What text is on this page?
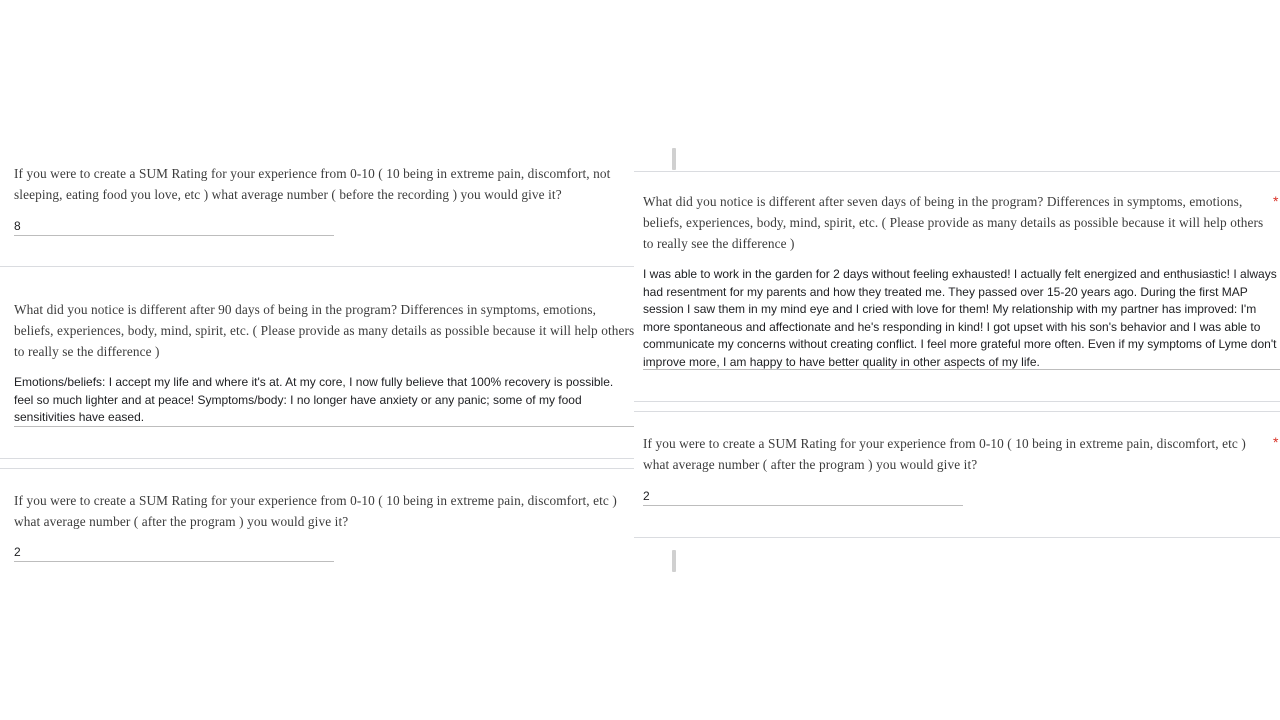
If you were to create a SUM Rating for your experience from 0-10 ( 10 being in extreme pain, discomfort, not sleeping, eating food you love, etc ) what average number ( before the recording ) you would give it?
8
What did you notice is different after 90 days of being in the program? Differences in symptoms, emotions, beliefs, experiences, body, mind, spirit, etc. ( Please provide as many details as possible because it will help others to really se the difference )
Emotions/beliefs: I accept my life and where it's at. At my core, I now fully believe that 100% recovery is possible. feel so much lighter and at peace! Symptoms/body: I no longer have anxiety or any panic; some of my food sensitivities have eased.
If you were to create a SUM Rating for your experience from 0-10 ( 10 being in extreme pain, discomfort, etc ) what average number ( after the program ) you would give it?
2
What did you notice is different after seven days of being in the program? Differences in symptoms, emotions, beliefs, experiences, body, mind, spirit, etc. ( Please provide as many details as possible because it will help others to really see the difference )
*
I was able to work in the garden for 2 days without feeling exhausted! I actually felt energized and enthusiastic! I always had resentment for my parents and how they treated me. They passed over 15-20 years ago. During the first MAP session I saw them in my mind eye and I cried with love for them! My relationship with my partner has improved: I'm more spontaneous and affectionate and he's responding in kind! I got upset with his son's behavior and I was able to communicate my concerns without creating conflict. I feel more grateful more often. Even if my symptoms of Lyme don't improve more, I am happy to have better quality in other aspects of my life.
If you were to create a SUM Rating for your experience from 0-10 ( 10 being in extreme pain, discomfort, etc ) what average number ( after the program ) you would give it?
*
2
